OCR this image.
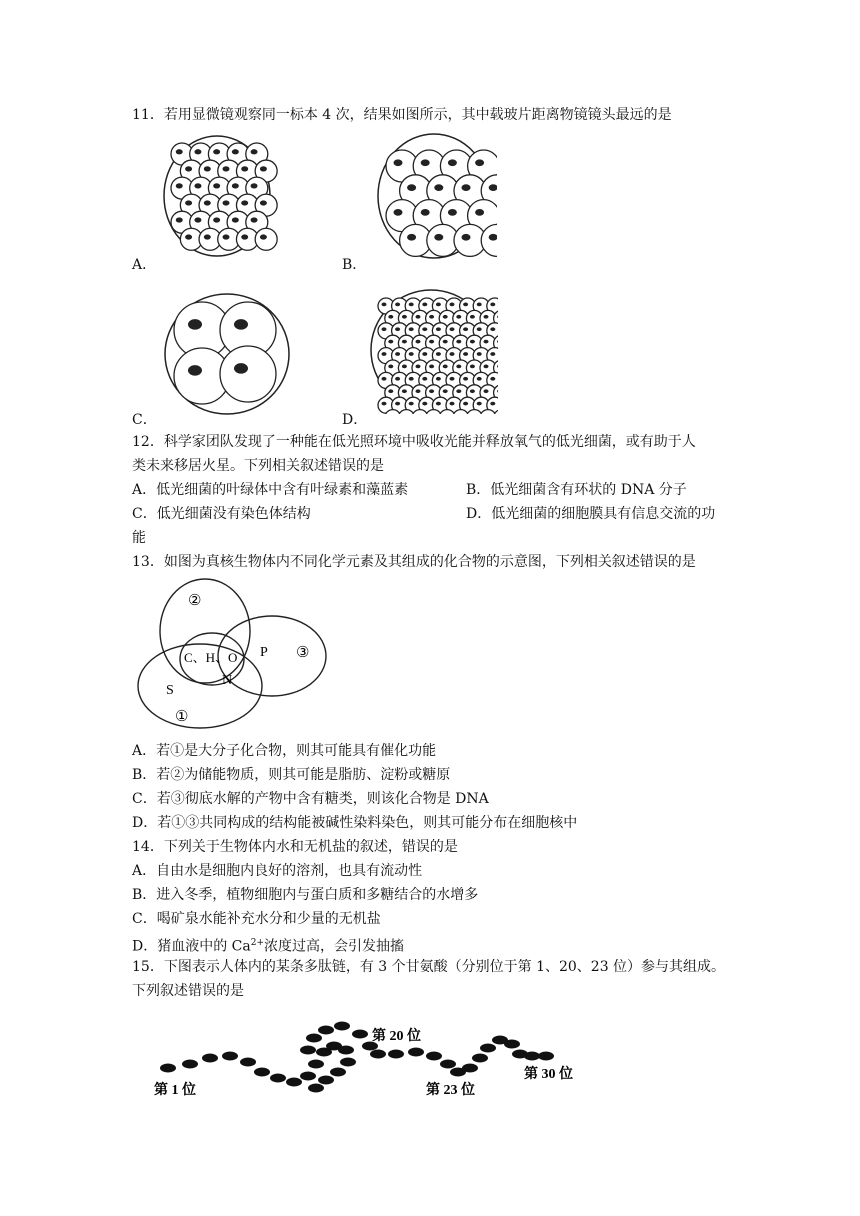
11．若用显微镜观察同一标本 4 次，结果如图所示，其中载玻片距离物镜镜头最远的是
A．	B．
C．	D．
12．科学家团队发现了一种能在低光照环境中吸收光能并释放氧气的低光细菌，或有助于人
类未来移居火星。下列相关叙述错误的是
A．低光细菌的叶绿体中含有叶绿素和藻蓝素	B．低光细菌含有环状的 DNA 分子
C．低光细菌没有染色体结构	D．低光细菌的细胞膜具有信息交流的功
能
13．如图为真核生物体内不同化学元素及其组成的化合物的示意图，下列相关叙述错误的是
②
③
①
C、H、O P
N
S
A．若①是大分子化合物，则其可能具有催化功能
B．若②为储能物质，则其可能是脂肪、淀粉或糖原
C．若③彻底水解的产物中含有糖类，则该化合物是 DNA
D．若①③共同构成的结构能被碱性染料染色，则其可能分布在细胞核中
14．下列关于生物体内水和无机盐的叙述，错误的是
A．自由水是细胞内良好的溶剂，也具有流动性
B．进入冬季，植物细胞内与蛋白质和多糖结合的水增多
C．喝矿泉水能补充水分和少量的无机盐
D．猪血液中的 $Ca^{2+}$浓度过高，会引发抽搐
15．下图表示人体内的某条多肽链，有 3 个甘氨酸（分别位于第 1、20、23 位）参与其组成。
下列叙述错误的是
第 1 位
第 20 位
第 23 位
第 30 位
